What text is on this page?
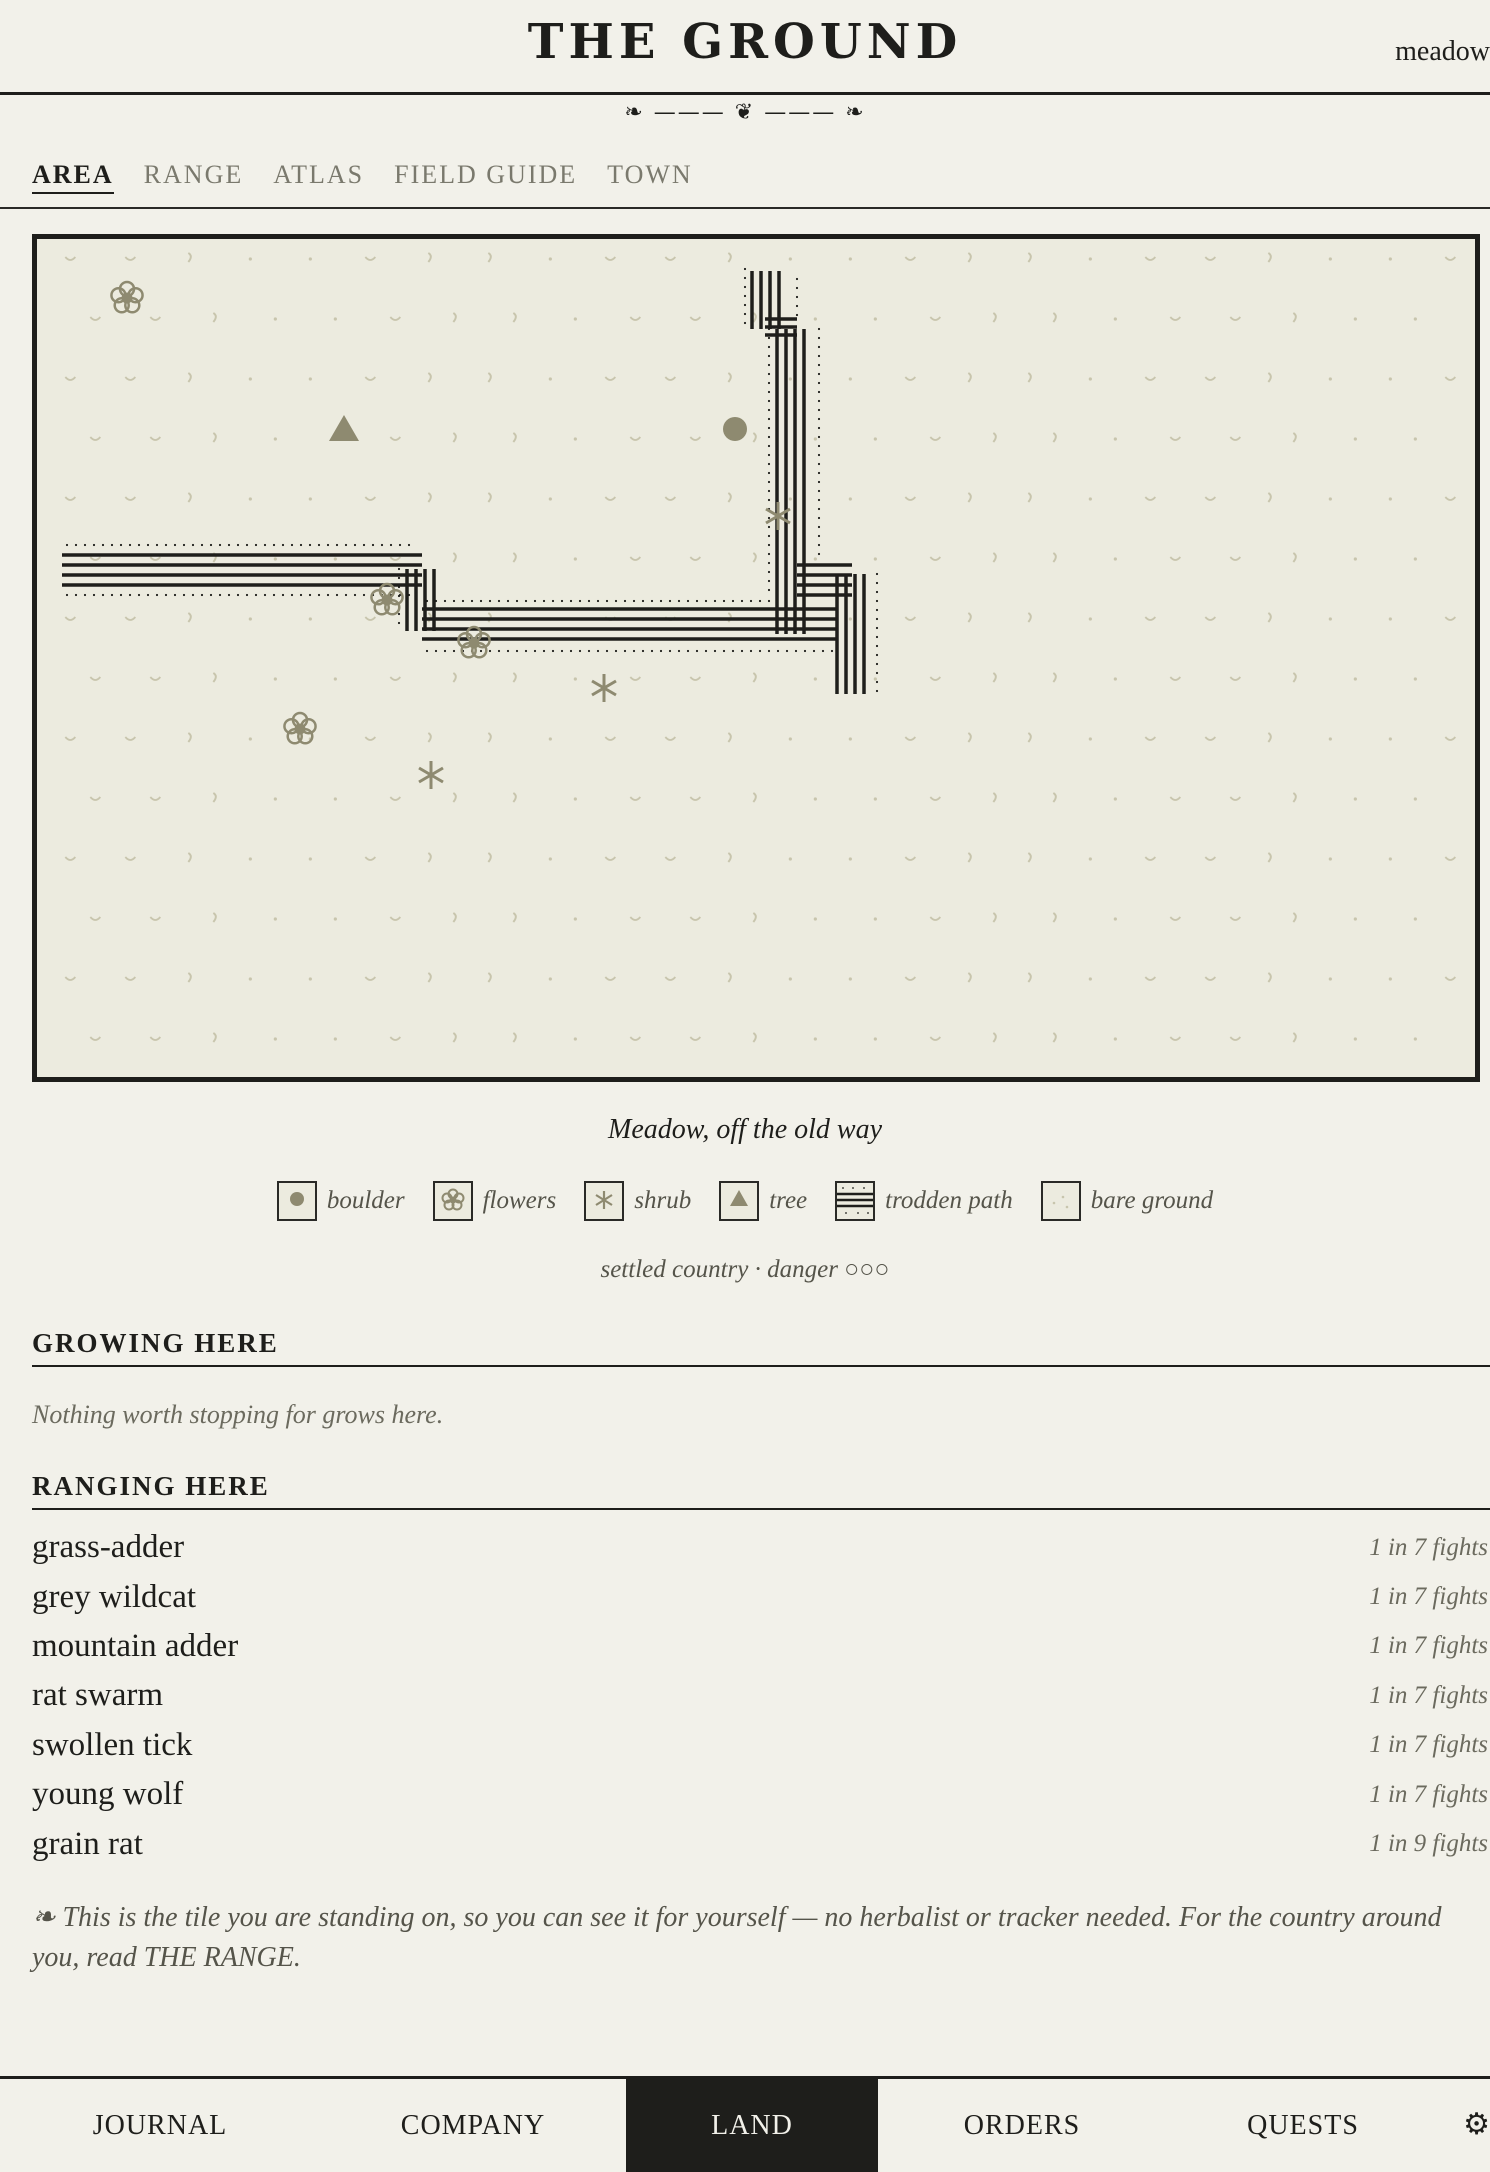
THE GROUND	meadow
❧ ——— ❦ ——— ❧
AREA RANGE ATLAS FIELD GUIDE TOWN
Meadow, off the old way
boulder	flowers	shrub	tree	trodden path	bare ground
settled country · danger ○○○
GROWING HERE
Nothing worth stopping for grows here.
RANGING HERE
grass-adder	1 in 7 fights
grey wildcat	1 in 7 fights
mountain adder	1 in 7 fights
rat swarm	1 in 7 fights
swollen tick	1 in 7 fights
young wolf	1 in 7 fights
grain rat	1 in 9 fights
❧ This is the tile you are standing on, so you can see it for yourself — no herbalist or tracker needed. For the country around you, read THE RANGE.
JOURNAL	COMPANY	LAND	ORDERS	QUESTS	⚙
